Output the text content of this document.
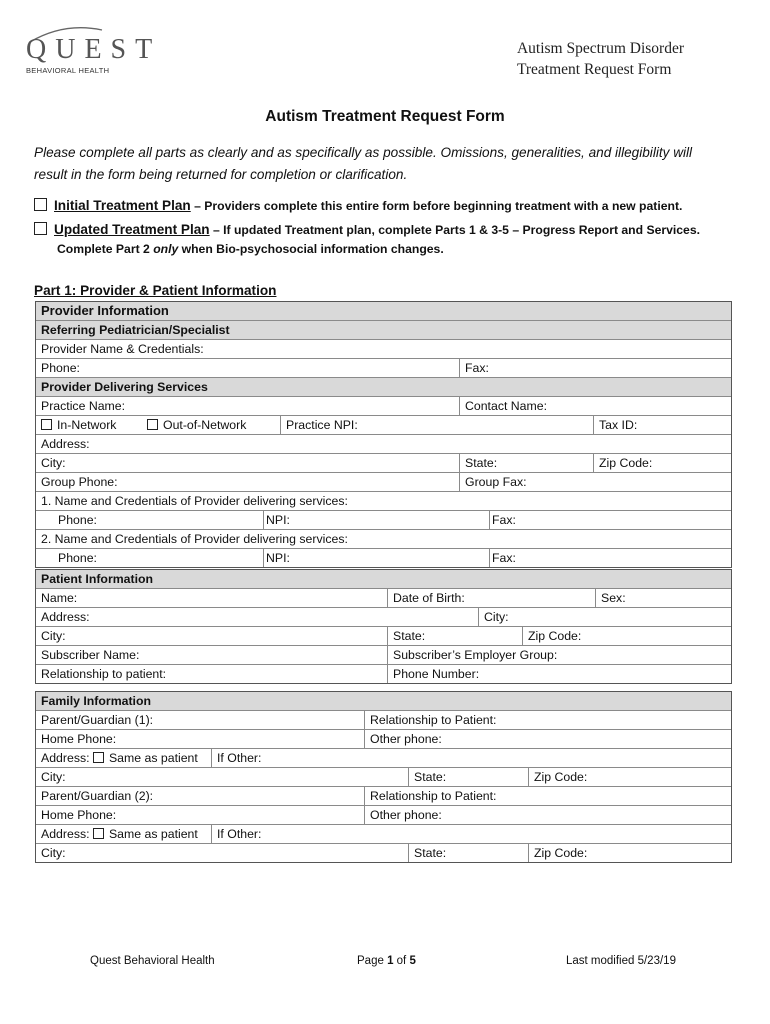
QUEST
BEHAVIORAL HEALTH
Autism Spectrum Disorder
Treatment Request Form
Autism Treatment Request Form
Please complete all parts as clearly and as specifically as possible. Omissions, generalities, and illegibility will result in the form being returned for completion or clarification.
Initial Treatment Plan – Providers complete this entire form before beginning treatment with a new patient.
Updated Treatment Plan – If updated Treatment plan, complete Parts 1 & 3-5 – Progress Report and Services.
Complete Part 2 only when Bio-psychosocial information changes.
Part 1: Provider & Patient Information
Provider Information
Referring Pediatrician/Specialist
Provider Name & Credentials:
Phone:	Fax:
Provider Delivering Services
Practice Name:	Contact Name:
In-Network	Out-of-Network	Practice NPI:	Tax ID:
Address:
City:	State:	Zip Code:
Group Phone:	Group Fax:
1. Name and Credentials of Provider delivering services:
Phone:	NPI:	Fax:
2. Name and Credentials of Provider delivering services:
Phone:	NPI:	Fax:
Patient Information
Name:	Date of Birth:	Sex:
Address:	City:
City:	State:	Zip Code:
Subscriber Name:	Subscriber’s Employer Group:
Relationship to patient:	Phone Number:
Family Information
Parent/Guardian (1):	Relationship to Patient:
Home Phone:	Other phone:
Address: Same as patient	If Other:
City:	State:	Zip Code:
Parent/Guardian (2):	Relationship to Patient:
Home Phone:	Other phone:
Address: Same as patient	If Other:
City:	State:	Zip Code:
Quest Behavioral Health	Page 1 of 5	Last modified 5/23/19
